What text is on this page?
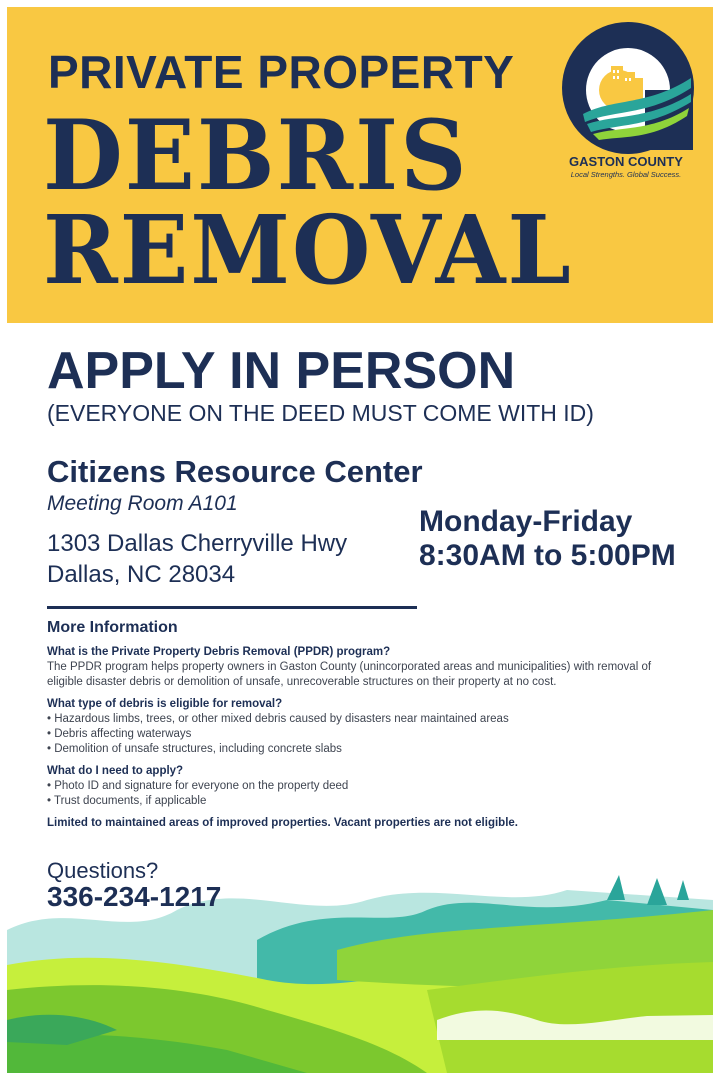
PRIVATE PROPERTY
DEBRIS
REMOVAL
GASTON COUNTY
Local Strengths. Global Success.
APPLY IN PERSON
(EVERYONE ON THE DEED MUST COME WITH ID)
Citizens Resource Center
Meeting Room A101
1303 Dallas Cherryville Hwy
Dallas, NC 28034
Monday-Friday
8:30AM to 5:00PM
More Information
What is the Private Property Debris Removal (PPDR) program?
The PPDR program helps property owners in Gaston County (unincorporated areas and municipalities) with removal of eligible disaster debris or demolition of unsafe, unrecoverable structures on their property at no cost.
What type of debris is eligible for removal?
• Hazardous limbs, trees, or other mixed debris caused by disasters near maintained areas
• Debris affecting waterways
• Demolition of unsafe structures, including concrete slabs
What do I need to apply?
• Photo ID and signature for everyone on the property deed
• Trust documents, if applicable
Limited to maintained areas of improved properties. Vacant properties are not eligible.
Questions?
336-234-1217
